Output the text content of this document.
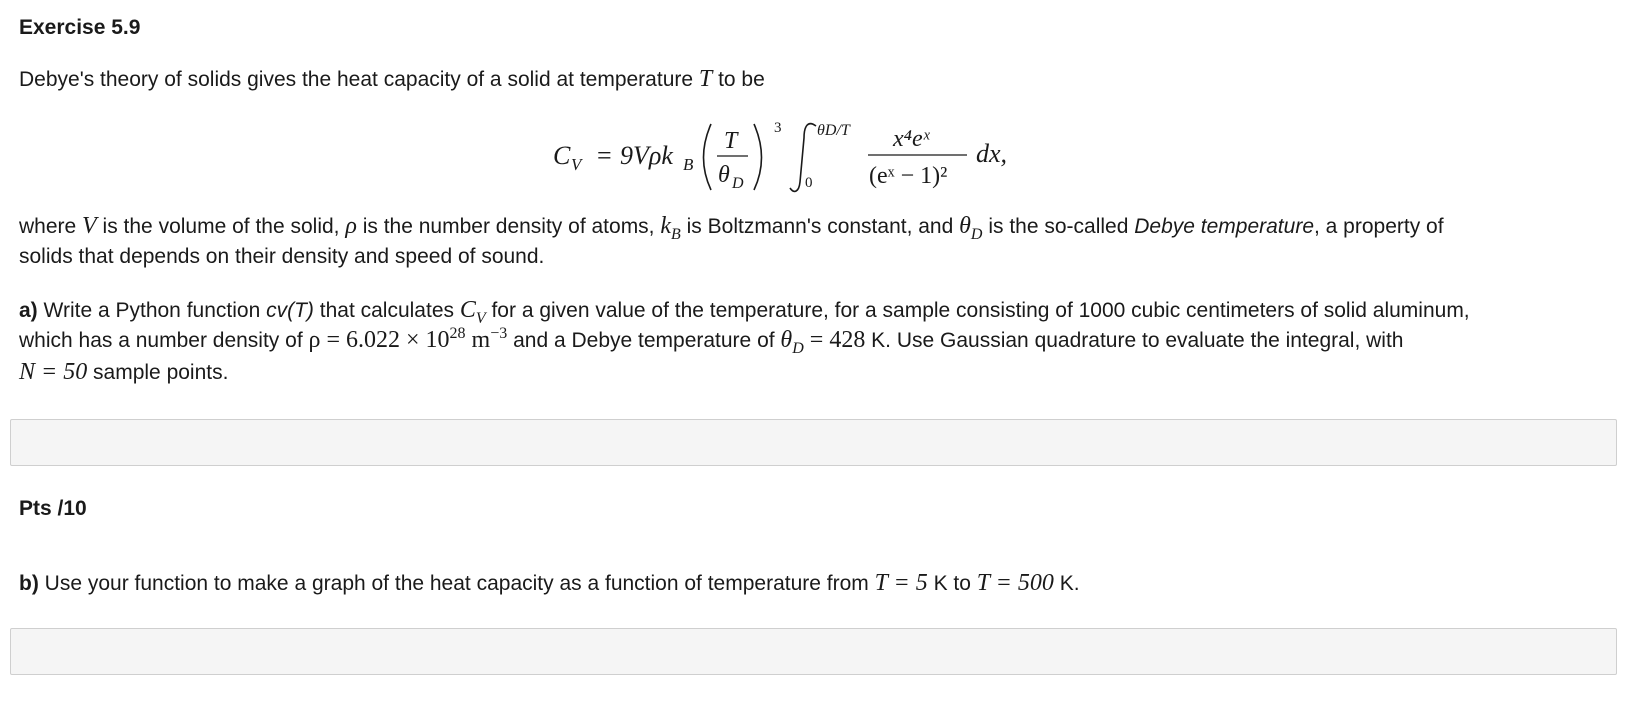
Exercise 5.9
Debye's theory of solids gives the heat capacity of a solid at temperature T to be
C V = 9Vρk B
T
θ D
3 θD/T
0
x⁴eˣ
(eˣ − 1)²
dx,
where V is the volume of the solid, ρ is the number density of atoms, $k_B$ is Boltzmann's constant, and $\theta_D$ is the so-called Debye temperature, a property of
solids that depends on their density and speed of sound.
a) Write a Python function cv(T) that calculates $C_V$ for a given value of the temperature, for a sample consisting of 1000 cubic centimeters of solid aluminum,
which has a number density of $\rho = 6.022 \times 10^{28}$ $m^{-3}$ and a Debye temperature of $\theta_D = 428$ K. Use Gaussian quadrature to evaluate the integral, with
N = 50 sample points.
Pts /10
b) Use your function to make a graph of the heat capacity as a function of temperature from T = 5 K to T = 500 K.
